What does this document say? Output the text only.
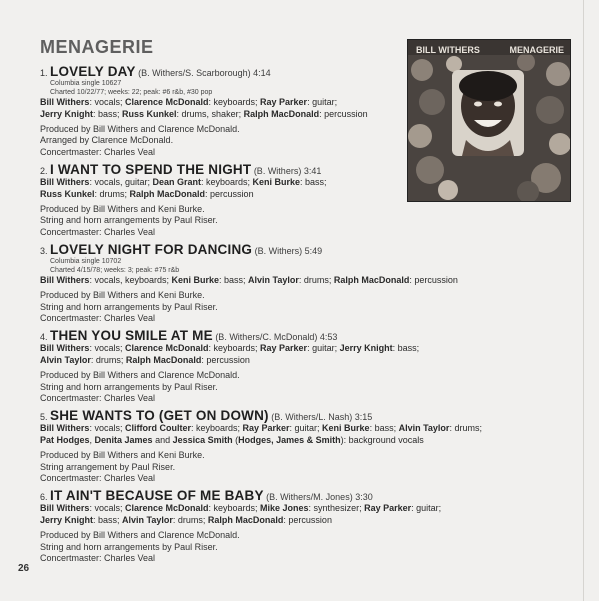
MENAGERIE	BILL WITHERS	MENAGERIE
1. LOVELY DAY (B. Withers/S. Scarborough) 4:14
Columbia single 10627
Charted 10/22/77; weeks: 22; peak: #6 r&b, #30 pop
Bill Withers: vocals; Clarence McDonald: keyboards; Ray Parker: guitar;
Jerry Knight: bass; Russ Kunkel: drums, shaker; Ralph MacDonald: percussion
Produced by Bill Withers and Clarence McDonald.
Arranged by Clarence McDonald.
Concertmaster: Charles Veal
2. I WANT TO SPEND THE NIGHT (B. Withers) 3:41
Bill Withers: vocals, guitar; Dean Grant: keyboards; Keni Burke: bass;
Russ Kunkel: drums; Ralph MacDonald: percussion
Produced by Bill Withers and Keni Burke.
String and horn arrangements by Paul Riser.
Concertmaster: Charles Veal
3. LOVELY NIGHT FOR DANCING (B. Withers) 5:49
Columbia single 10702
Charted 4/15/78; weeks: 3; peak: #75 r&b
Bill Withers: vocals, keyboards; Keni Burke: bass; Alvin Taylor: drums; Ralph MacDonald: percussion
Produced by Bill Withers and Keni Burke.
String and horn arrangements by Paul Riser.
Concertmaster: Charles Veal
4. THEN YOU SMILE AT ME (B. Withers/C. McDonald) 4:53
Bill Withers: vocals; Clarence McDonald: keyboards; Ray Parker: guitar; Jerry Knight: bass;
Alvin Taylor: drums; Ralph MacDonald: percussion
Produced by Bill Withers and Clarence McDonald.
String and horn arrangements by Paul Riser.
Concertmaster: Charles Veal
5. SHE WANTS TO (GET ON DOWN) (B. Withers/L. Nash) 3:15
Bill Withers: vocals; Clifford Coulter: keyboards; Ray Parker: guitar; Keni Burke: bass; Alvin Taylor: drums;
Pat Hodges, Denita James and Jessica Smith (Hodges, James & Smith): background vocals
Produced by Bill Withers and Keni Burke.
String arrangement by Paul Riser.
Concertmaster: Charles Veal
6. IT AIN'T BECAUSE OF ME BABY (B. Withers/M. Jones) 3:30
Bill Withers: vocals; Clarence McDonald: keyboards; Mike Jones: synthesizer; Ray Parker: guitar;
Jerry Knight: bass; Alvin Taylor: drums; Ralph MacDonald: percussion
Produced by Bill Withers and Clarence McDonald.
String and horn arrangements by Paul Riser.
Concertmaster: Charles Veal
26
